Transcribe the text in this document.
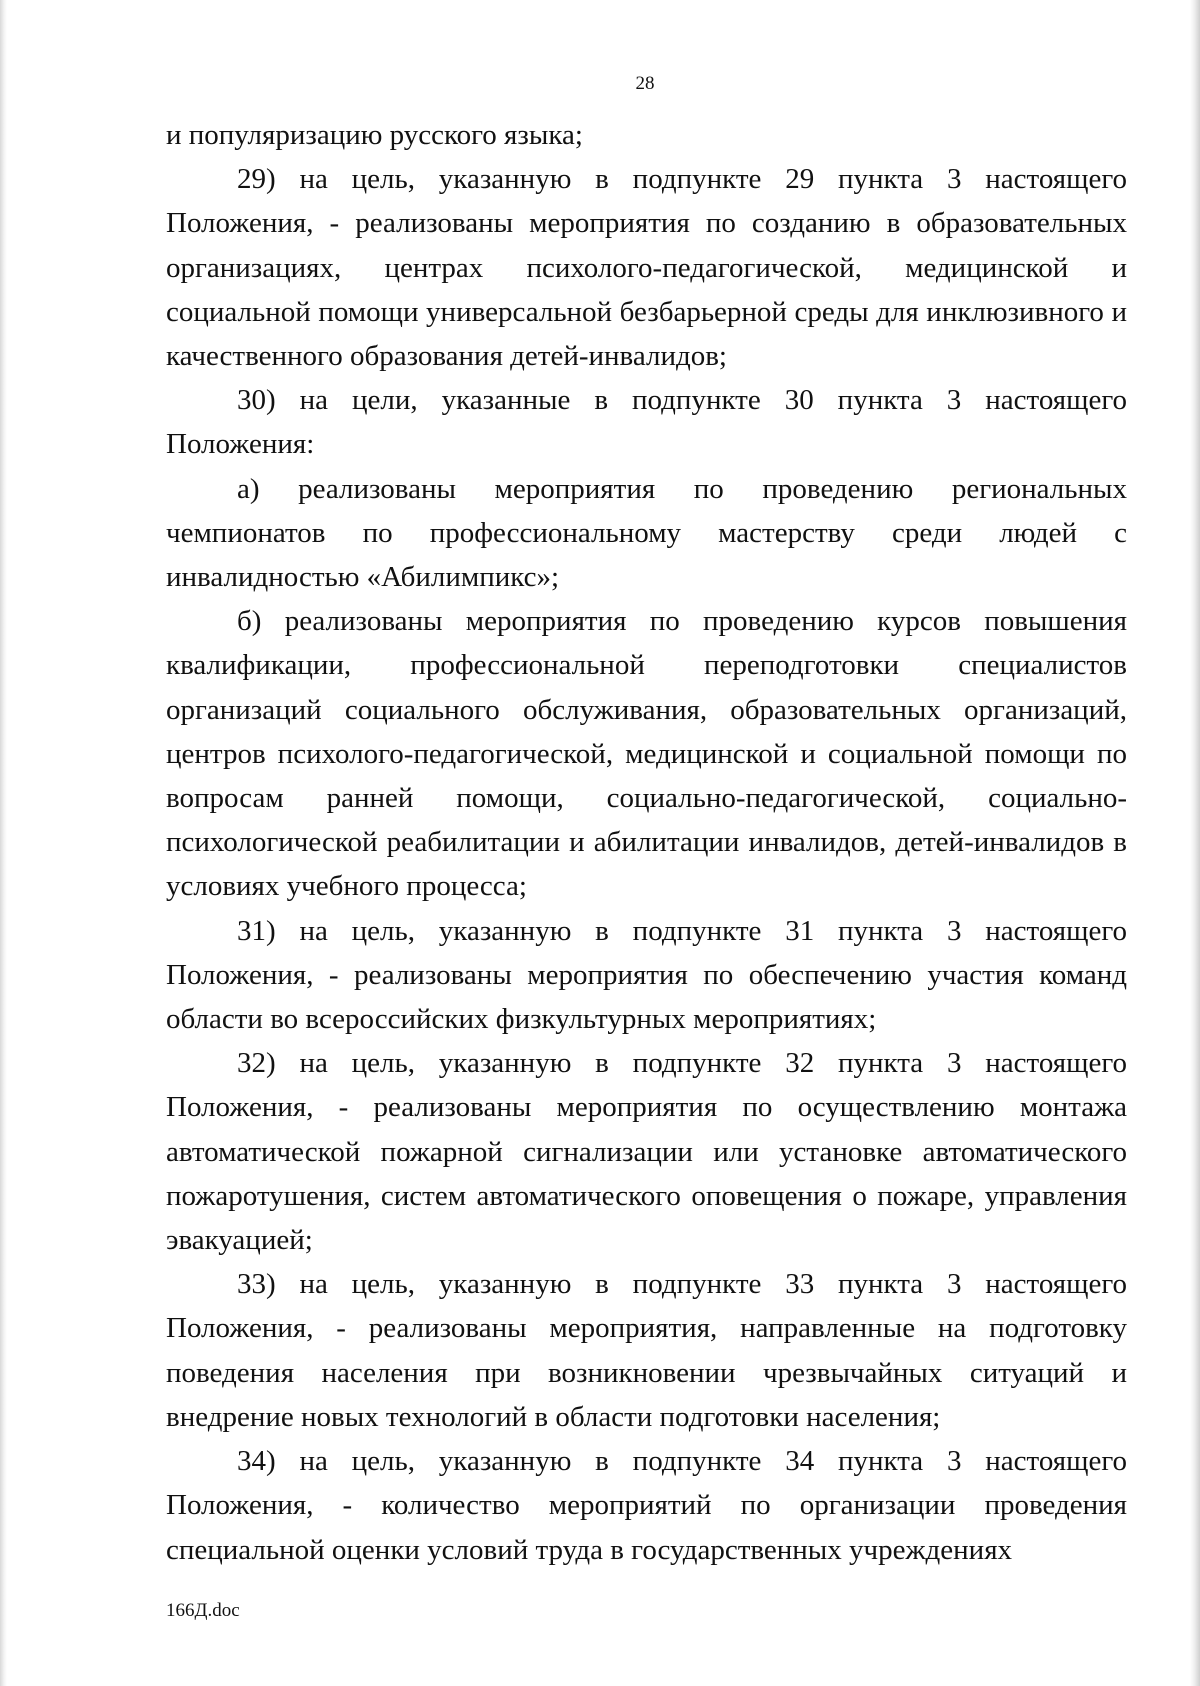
28

и популяризацию русского языка;

29) на цель, указанную в подпункте 29 пункта 3 настоящего Положения, - реализованы мероприятия по созданию в образовательных организациях, центрах психолого-педагогической, медицинской и социальной помощи универсальной безбарьерной среды для инклюзивного и качественного образования детей-инвалидов;

30) на цели, указанные в подпункте 30 пункта 3 настоящего Положения:

а) реализованы мероприятия по проведению региональных чемпионатов по профессиональному мастерству среди людей с инвалидностью «Абилимпикс»;

б) реализованы мероприятия по проведению курсов повышения квалификации, профессиональной переподготовки специалистов организаций социального обслуживания, образовательных организаций, центров психолого-педагогической, медицинской и социальной помощи по вопросам ранней помощи, социально-педагогической, социально-психологической реабилитации и абилитации инвалидов, детей-инвалидов в условиях учебного процесса;

31) на цель, указанную в подпункте 31 пункта 3 настоящего Положения, - реализованы мероприятия по обеспечению участия команд области во всероссийских физкультурных мероприятиях;

32) на цель, указанную в подпункте 32 пункта 3 настоящего Положения, - реализованы мероприятия по осуществлению монтажа автоматической пожарной сигнализации или установке автоматического пожаротушения, систем автоматического оповещения о пожаре, управления эвакуацией;

33) на цель, указанную в подпункте 33 пункта 3 настоящего Положения, - реализованы мероприятия, направленные на подготовку поведения населения при возникновении чрезвычайных ситуаций и внедрение новых технологий в области подготовки населения;

34) на цель, указанную в подпункте 34 пункта 3 настоящего Положения, - количество мероприятий по организации проведения специальной оценки условий труда в государственных учреждениях

166Д.doc
